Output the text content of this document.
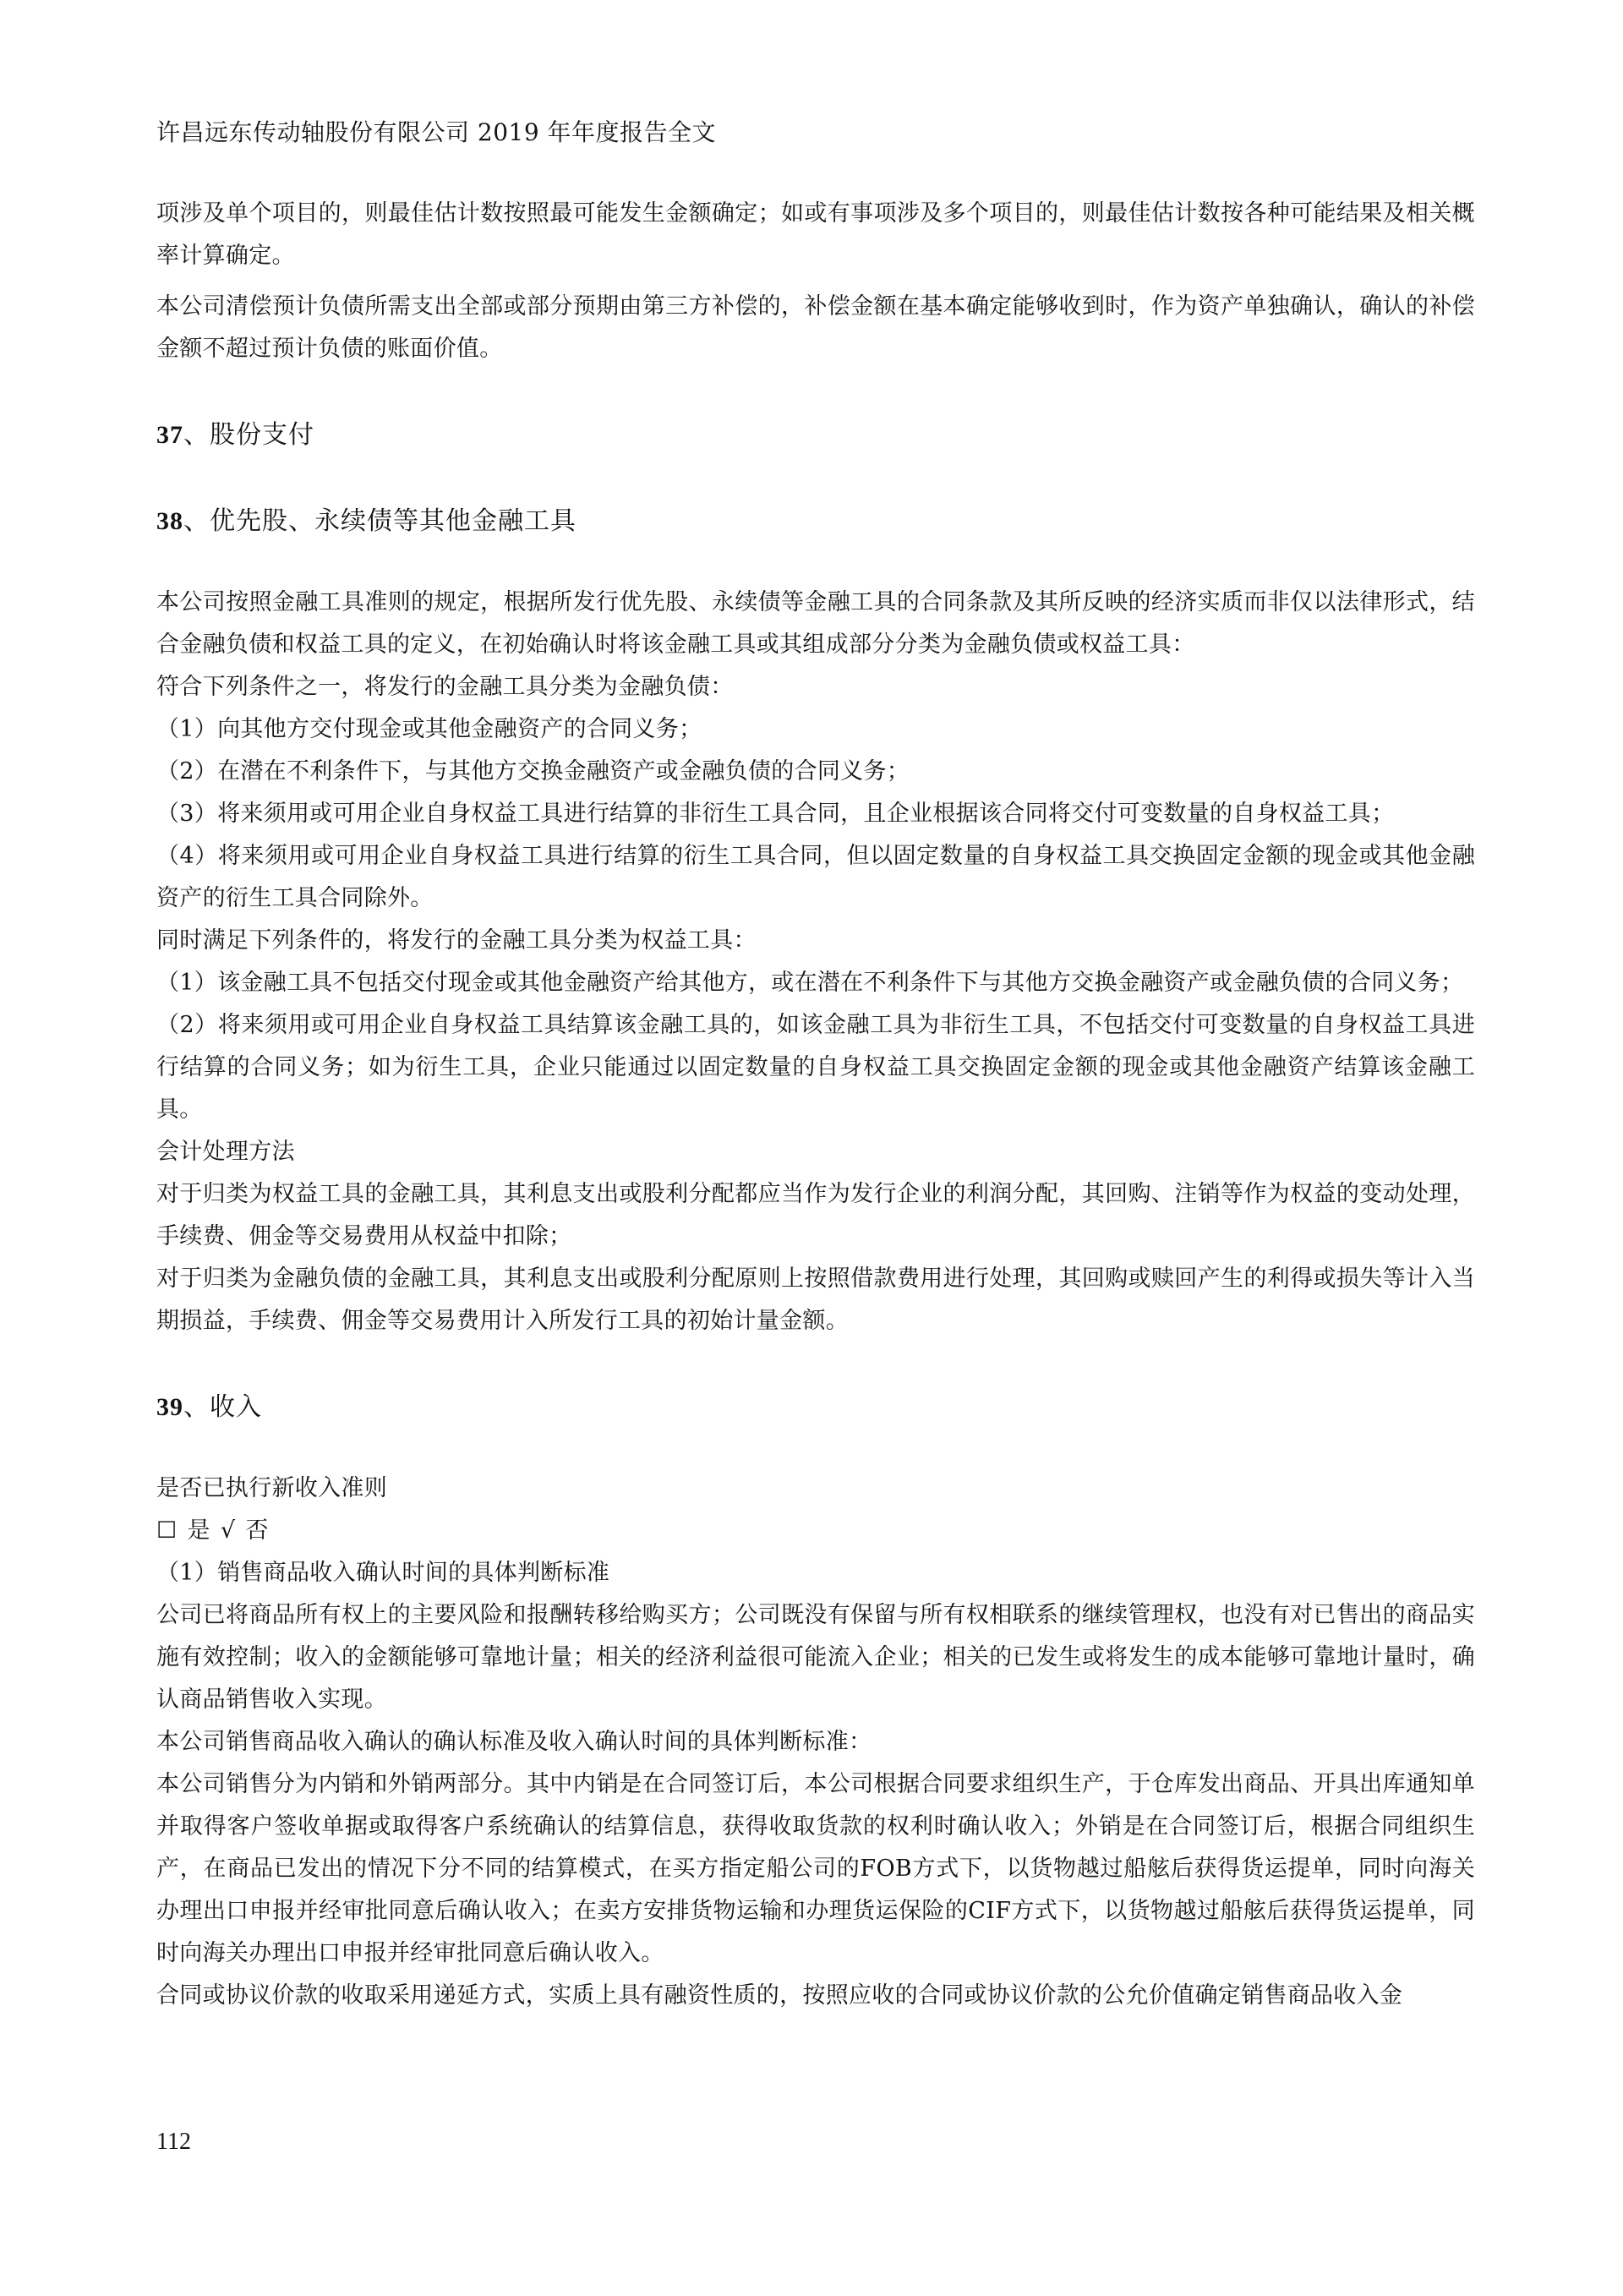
许昌远东传动轴股份有限公司 2019 年年度报告全文

项涉及单个项目的，则最佳估计数按照最可能发生金额确定；如或有事项涉及多个项目的，则最佳估计数按各种可能结果及相关概率计算确定。

本公司清偿预计负债所需支出全部或部分预期由第三方补偿的，补偿金额在基本确定能够收到时，作为资产单独确认，确认的补偿金额不超过预计负债的账面价值。

37、股份支付

38、优先股、永续债等其他金融工具

本公司按照金融工具准则的规定，根据所发行优先股、永续债等金融工具的合同条款及其所反映的经济实质而非仅以法律形式，结合金融负债和权益工具的定义，在初始确认时将该金融工具或其组成部分分类为金融负债或权益工具：

符合下列条件之一，将发行的金融工具分类为金融负债：

（1）向其他方交付现金或其他金融资产的合同义务；

（2）在潜在不利条件下，与其他方交换金融资产或金融负债的合同义务；

（3）将来须用或可用企业自身权益工具进行结算的非衍生工具合同，且企业根据该合同将交付可变数量的自身权益工具；

（4）将来须用或可用企业自身权益工具进行结算的衍生工具合同，但以固定数量的自身权益工具交换固定金额的现金或其他金融资产的衍生工具合同除外。

同时满足下列条件的，将发行的金融工具分类为权益工具：

（1）该金融工具不包括交付现金或其他金融资产给其他方，或在潜在不利条件下与其他方交换金融资产或金融负债的合同义务；

（2）将来须用或可用企业自身权益工具结算该金融工具的，如该金融工具为非衍生工具，不包括交付可变数量的自身权益工具进行结算的合同义务；如为衍生工具，企业只能通过以固定数量的自身权益工具交换固定金额的现金或其他金融资产结算该金融工具。

会计处理方法

对于归类为权益工具的金融工具，其利息支出或股利分配都应当作为发行企业的利润分配，其回购、注销等作为权益的变动处理，手续费、佣金等交易费用从权益中扣除；

对于归类为金融负债的金融工具，其利息支出或股利分配原则上按照借款费用进行处理，其回购或赎回产生的利得或损失等计入当期损益，手续费、佣金等交易费用计入所发行工具的初始计量金额。

39、收入

是否已执行新收入准则

☐ 是 √ 否

（1）销售商品收入确认时间的具体判断标准

公司已将商品所有权上的主要风险和报酬转移给购买方；公司既没有保留与所有权相联系的继续管理权，也没有对已售出的商品实施有效控制；收入的金额能够可靠地计量；相关的经济利益很可能流入企业；相关的已发生或将发生的成本能够可靠地计量时，确认商品销售收入实现。

本公司销售商品收入确认的确认标准及收入确认时间的具体判断标准：

本公司销售分为内销和外销两部分。其中内销是在合同签订后，本公司根据合同要求组织生产，于仓库发出商品、开具出库通知单并取得客户签收单据或取得客户系统确认的结算信息，获得收取货款的权利时确认收入；外销是在合同签订后，根据合同组织生产，在商品已发出的情况下分不同的结算模式，在买方指定船公司的FOB方式下，以货物越过船舷后获得货运提单，同时向海关办理出口申报并经审批同意后确认收入；在卖方安排货物运输和办理货运保险的CIF方式下，以货物越过船舷后获得货运提单，同时向海关办理出口申报并经审批同意后确认收入。

合同或协议价款的收取采用递延方式，实质上具有融资性质的，按照应收的合同或协议价款的公允价值确定销售商品收入金

112
